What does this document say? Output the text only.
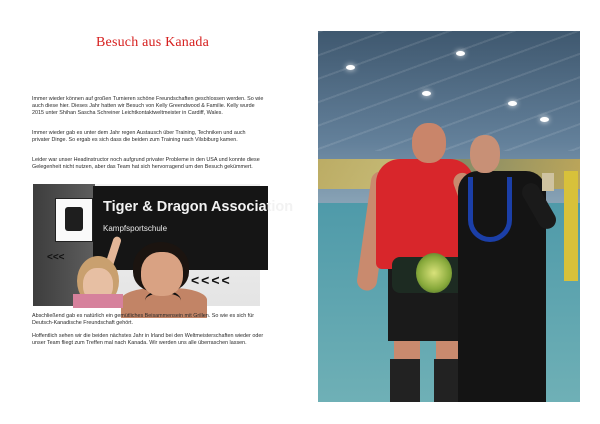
Besuch aus Kanada

Immer wieder können auf großen Turnieren schöne Freundschaften geschlossen werden. So wie auch diese hier. Dieses Jahr hatten wir Besuch von Kelly Greendwood & Familie. Kelly wurde 2015 unter Shihan Sascha Schreiner Leichtkontaktweltmeister in Cardiff, Wales.

Immer wieder gab es unter dem Jahr regen Austausch über Training, Techniken und auch privater Dinge. So ergab es sich dass die beiden zum Training nach Vilsbiburg kamen.

Leider war unser Headinstructor noch aufgrund privater Probleme in den USA und konnte diese Gelegenheit nicht nutzen, aber das Team hat sich hervorragend um den Besuch gekümmert.

Tiger & Dragon Association
Kampfsportschule
<<<
<<<<

Abschließend gab es natürlich ein gemütliches Beisammensein mit Grillen. So wie es sich für Deutsch-Kanadische Freundschaft gehört.

Hoffentlich sehen wir die beiden nächstes Jahr in Irland bei den Weltmeisterschaften wieder oder unser Team fliegt zum Treffen mal nach Kanada. Wir werden uns alle überraschen lassen.
